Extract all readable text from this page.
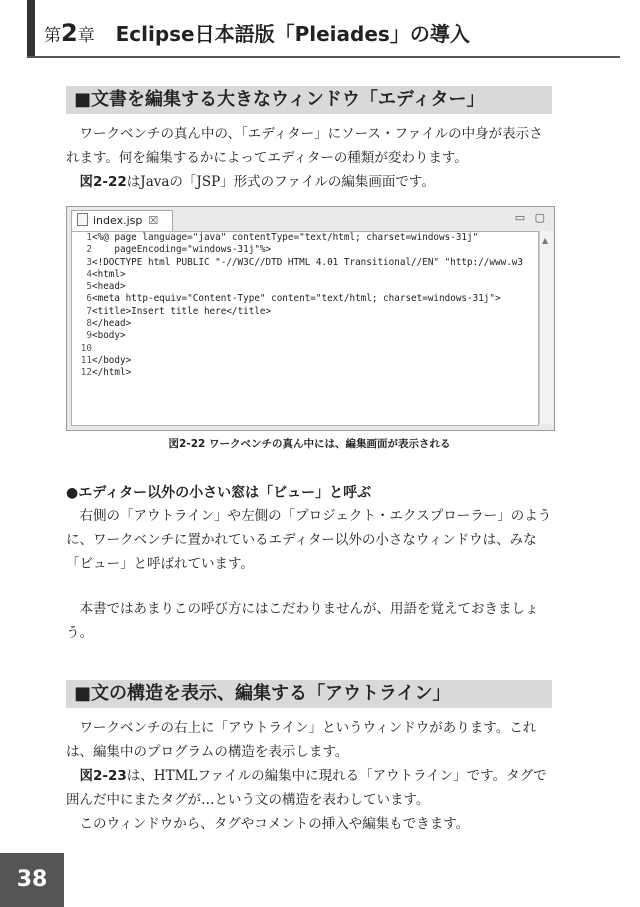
第2章 Eclipse日本語版「Pleiades」の導入
■文書を編集する大きなウィンドウ「エディター」

ワークベンチの真ん中の、「エディター」にソース・ファイルの中身が表示されます。何を編集するかによってエディターの種類が変わります。

図2-22はJavaの「JSP」形式のファイルの編集画面です。

index.jsp ☒	▭ ▢
1<%@ page language="java" contentType="text/html; charset=windows-31j"
2    pageEncoding="windows-31j"%>
3<!DOCTYPE html PUBLIC "-//W3C//DTD HTML 4.01 Transitional//EN" "http://www.w3
4<html>
5<head>
6<meta http-equiv="Content-Type" content="text/html; charset=windows-31j">
7<title>Insert title here</title>
8</head>
9<body>
10
11</body>
12</html>
▲
図2-22 ワークベンチの真ん中には、編集画面が表示される
●エディター以外の小さい窓は「ビュー」と呼ぶ

右側の「アウトライン」や左側の「プロジェクト・エクスプローラー」のように、ワークベンチに置かれているエディター以外の小さなウィンドウは、みな「ビュー」と呼ばれています。

本書ではあまりこの呼び方にはこだわりませんが、用語を覚えておきましょう。

■文の構造を表示、編集する「アウトライン」

ワークベンチの右上に「アウトライン」というウィンドウがあります。これは、編集中のプログラムの構造を表示します。

図2-23は、HTMLファイルの編集中に現れる「アウトライン」です。タグで囲んだ中にまたタグが…という文の構造を表わしています。

このウィンドウから、タグやコメントの挿入や編集もできます。

38
